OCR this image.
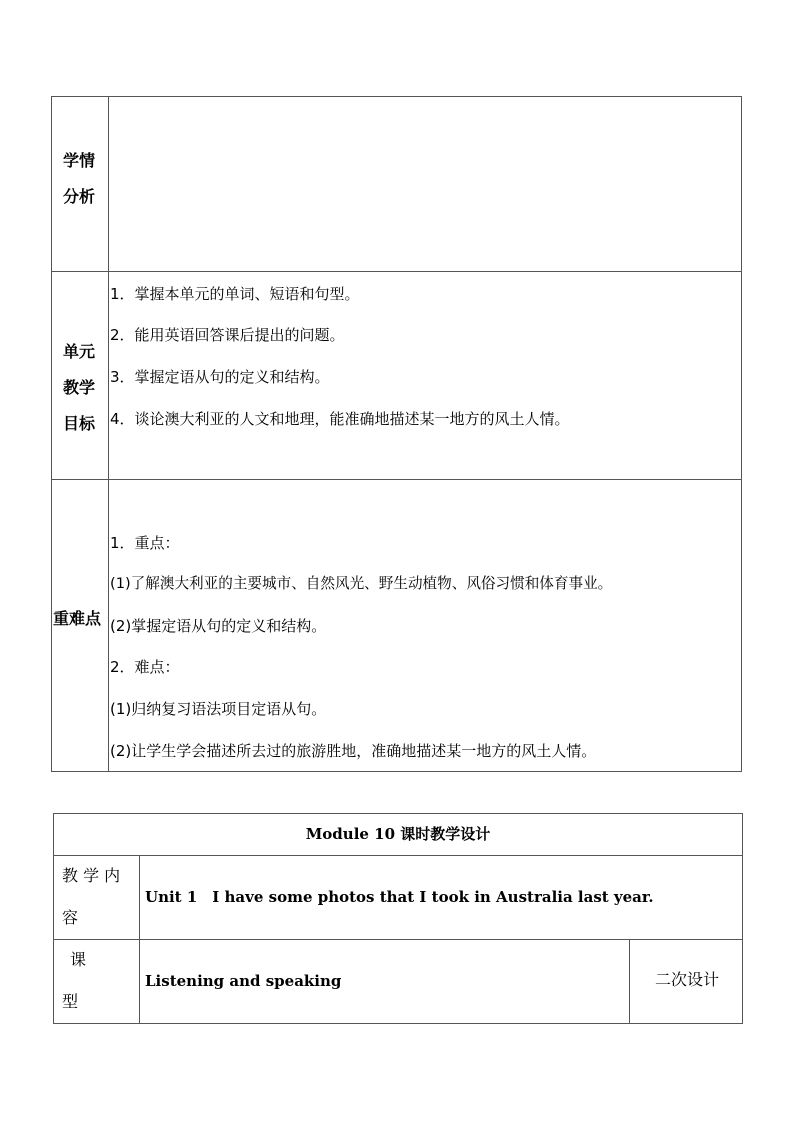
学情
分析
单元
教学
目标
1．掌握本单元的单词、短语和句型。
2．能用英语回答课后提出的问题。
3．掌握定语从句的定义和结构。
4．谈论澳大利亚的人文和地理，能准确地描述某一地方的风土人情。
重难点
1．重点：
(1)了解澳大利亚的主要城市、自然风光、野生动植物、风俗习惯和体育事业。
(2)掌握定语从句的定义和结构。
2．难点：
(1)归纳复习语法项目定语从句。
(2)让学生学会描述所去过的旅游胜地，准确地描述某一地方的风土人情。
Module 10 课时教学设计
教 学 内
容
Unit 1　I have some photos that I took in Australia last year.
课
型
Listening and speaking	二次设计
